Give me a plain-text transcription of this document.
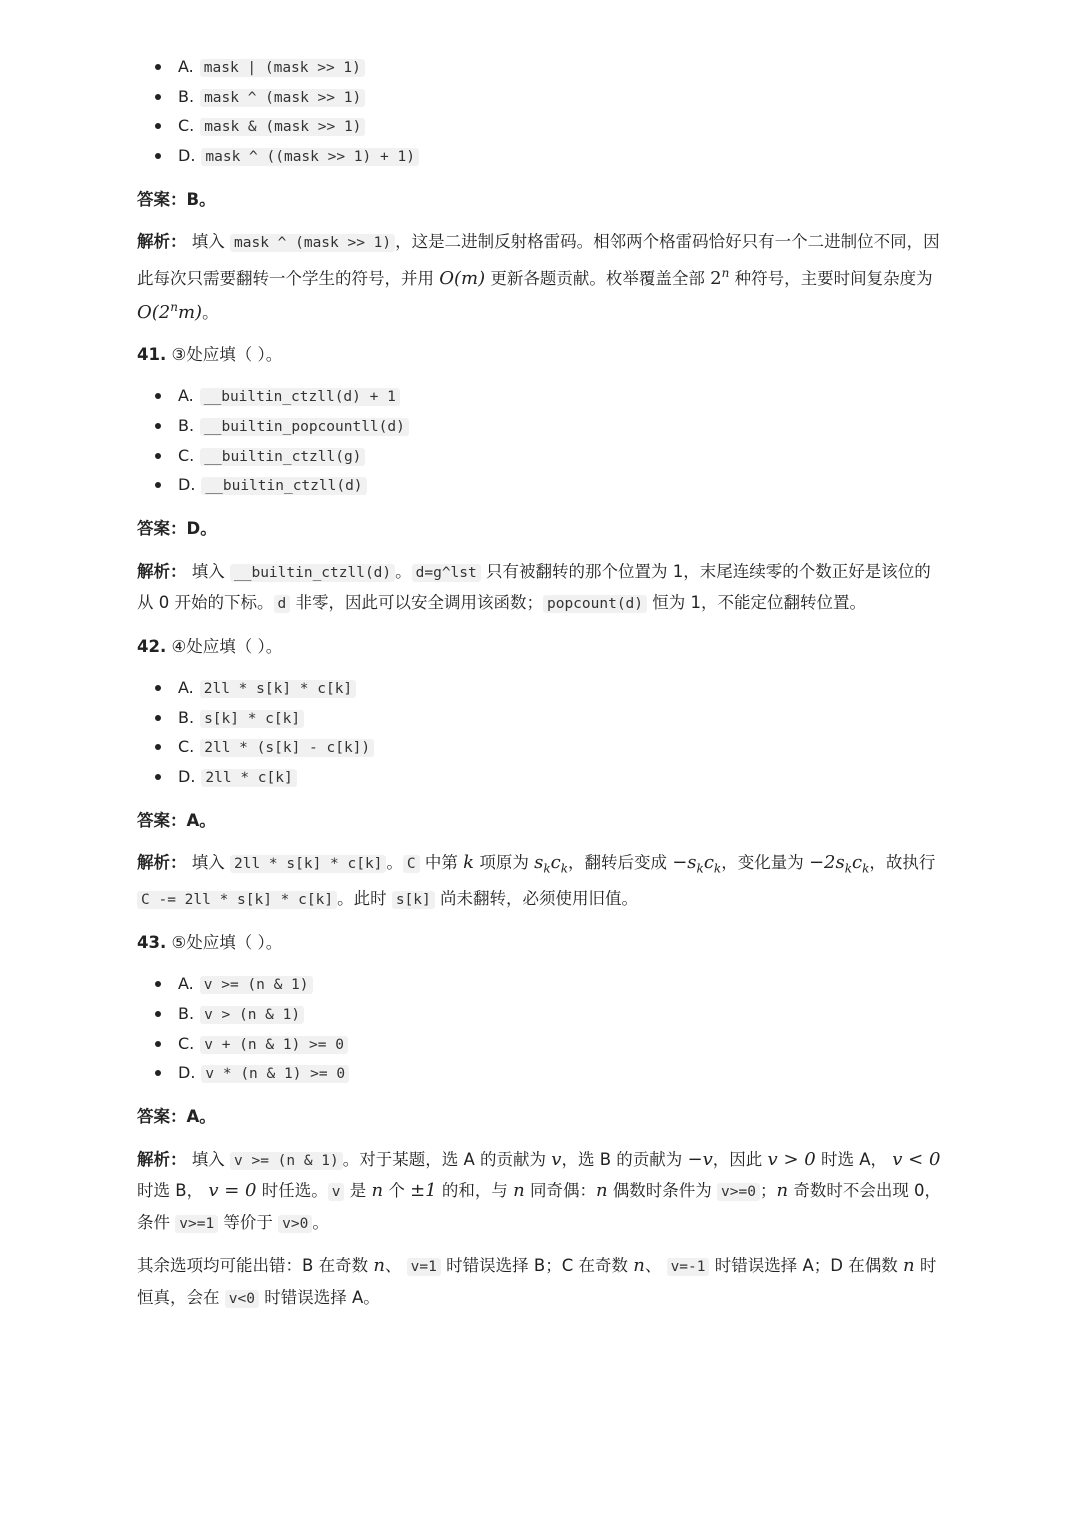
A. mask | (mask >> 1)
B. mask ^ (mask >> 1)
C. mask & (mask >> 1)
D. mask ^ ((mask >> 1) + 1)

答案：B。

解析： 填入 mask ^ (mask >> 1) ，这是二进制反射格雷码。相邻两个格雷码恰好只有一个二进制位不同，因此每次只需要翻转一个学生的符号，并用 O(m) 更新各题贡献。枚举覆盖全部 2$^n$ 种符号，主要时间复杂度为 O(2$^n$m)。

41. ③处应填（ ）。

A. __builtin_ctzll(d) + 1
B. __builtin_popcountll(d)
C. __builtin_ctzll(g)
D. __builtin_ctzll(d)

答案：D。

解析： 填入 __builtin_ctzll(d) 。 d=g^lst 只有被翻转的那个位置为 1，末尾连续零的个数正好是该位的从 0 开始的下标。 d 非零，因此可以安全调用该函数； popcount(d) 恒为 1，不能定位翻转位置。

42. ④处应填（ ）。

A. 2ll * s[k] * c[k]
B. s[k] * c[k]
C. 2ll * (s[k] - c[k])
D. 2ll * c[k]

答案：A。

解析： 填入 2ll * s[k] * c[k] 。 C 中第 k 项原为 $s_kc_k$，翻转后变成 $-s_kc_k$，变化量为 $-2s_kc_k$，故执行 C -= 2ll * s[k] * c[k] 。此时 s[k] 尚未翻转，必须使用旧值。

43. ⑤处应填（ ）。

A. v >= (n & 1)
B. v > (n & 1)
C. v + (n & 1) >= 0
D. v * (n & 1) >= 0

答案：A。

解析： 填入 v >= (n & 1) 。对于某题，选 A 的贡献为 v，选 B 的贡献为 −v，因此 v > 0 时选 A， v < 0 时选 B， v = 0 时任选。 v 是 n 个 ±1 的和，与 n 同奇偶：n 偶数时条件为 v>=0 ；n 奇数时不会出现 0，条件 v>=1 等价于 v>0 。

其余选项均可能出错：B 在奇数 n、 v=1 时错误选择 B；C 在奇数 n、 v=-1 时错误选择 A；D 在偶数 n 时恒真，会在 v<0 时错误选择 A。
